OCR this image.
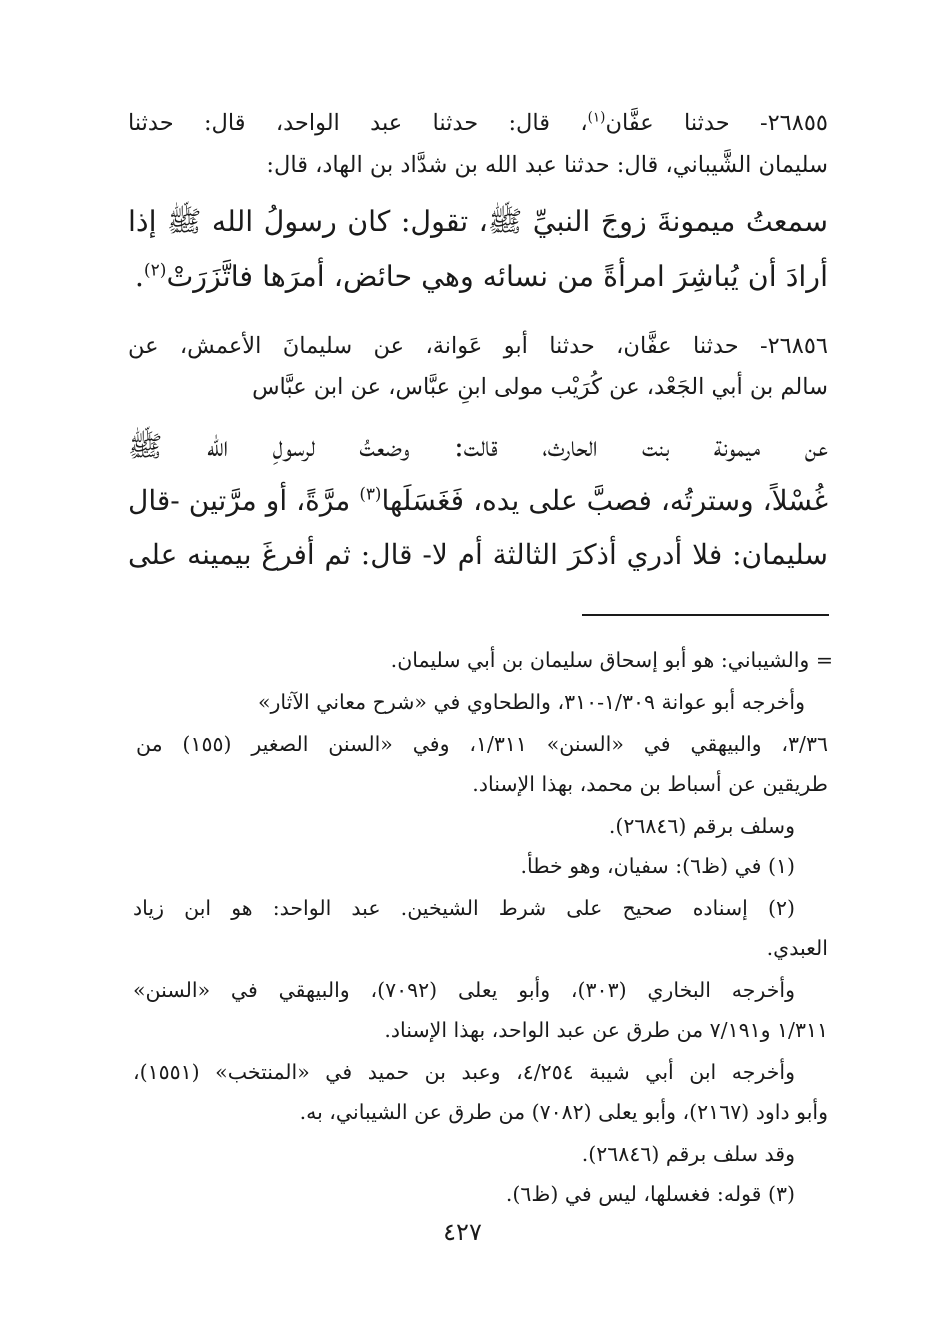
٢٦٨٥٥- حدثنا عفَّان$^{(١)}$، قال: حدثنا عبد الواحد، قال: حدثنا
سليمان الشَّيباني، قال: حدثنا عبد الله بن شدَّاد بن الهاد، قال:
سمعتُ ميمونةَ زوجَ النبيِّ ﷺ، تقول: كان رسولُ الله ﷺ إذا
أرادَ أن يُباشِرَ امرأةً من نسائه وهي حائض، أمرَها فاتَّزَرَتْ$^{(٢)}$.
٢٦٨٥٦- حدثنا عفَّان، حدثنا أبو عَوانة، عن سليمانَ الأعمش، عن
سالم بن أبي الجَعْد، عن كُرَيْب مولى ابنِ عبَّاس، عن ابن عبَّاس
عن ميمونة بنت الحارث، قالت: وضعتُ لرسولِ الله ﷺ
غُسْلاً، وسترتُه، فصبَّ على يده، فَغَسَلَها$^{(٣)}$ مرَّةً، أو مرَّتين -قال
سليمان: فلا أدري أذكرَ الثالثة أم لا- قال: ثم أفرغَ بيمينه على
= والشيباني: هو أبو إسحاق سليمان بن أبي سليمان.
وأخرجه أبو عوانة ١/٣٠٩-٣١٠، والطحاوي في «شرح معاني الآثار»
٣/٣٦، والبيهقي في «السنن» ١/٣١١، وفي «السنن الصغير (١٥٥) من
طريقين عن أسباط بن محمد، بهذا الإسناد.
وسلف برقم (٢٦٨٤٦).
(١) في (ظ٦): سفيان، وهو خطأ.
(٢) إسناده صحيح على شرط الشيخين. عبد الواحد: هو ابن زياد
العبدي.
وأخرجه البخاري (٣٠٣)، وأبو يعلى (٧٠٩٢)، والبيهقي في «السنن»
١/٣١١ و٧/١٩١ من طرق عن عبد الواحد، بهذا الإسناد.
وأخرجه ابن أبي شيبة ٤/٢٥٤، وعبد بن حميد في «المنتخب» (١٥٥١)،
وأبو داود (٢١٦٧)، وأبو يعلى (٧٠٨٢) من طرق عن الشيباني، به.
وقد سلف برقم (٢٦٨٤٦).
(٣) قوله: فغسلها، ليس في (ظ٦).
٤٢٧
